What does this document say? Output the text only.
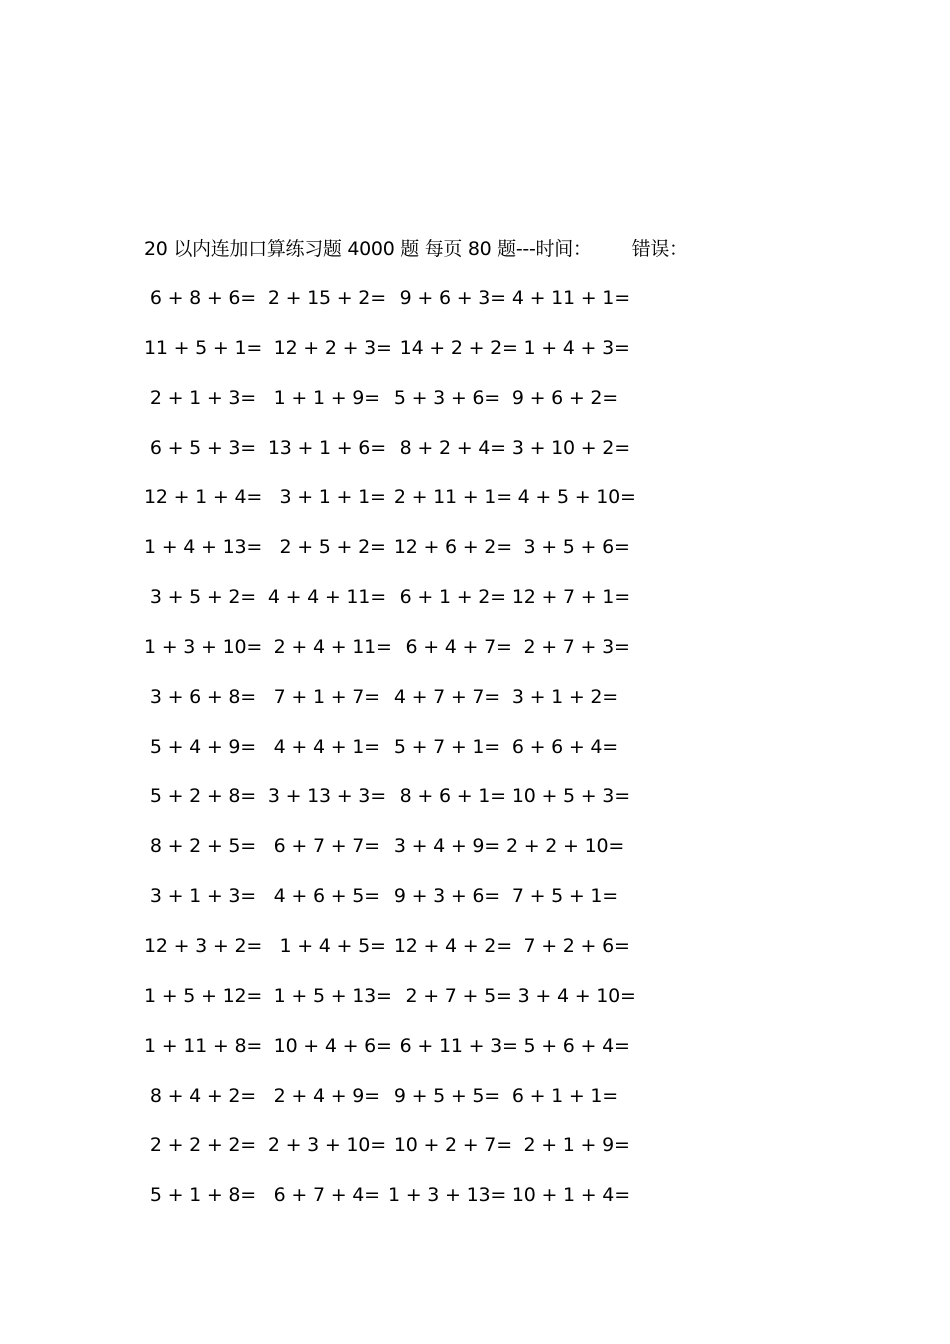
20 以内连加口算练习题 4000 题 每页 80 题---时间： 错误：
6 + 8 + 6= 2 + 15 + 2= 9 + 6 + 3= 4 + 11 + 1=
11 + 5 + 1= 12 + 2 + 3=
14 + 2 + 2=
1 + 4 + 3=
2 + 1 + 3= 1 + 1 + 9= 5 + 3 + 6= 9 + 6 + 2=
6 + 5 + 3= 13 + 1 + 6= 8 + 2 + 4= 3 + 10 + 2=
12 + 1 + 4= 3 + 1 + 1= 2 + 11 + 1=
4 + 5 + 10=
1 + 4 + 13= 2 + 5 + 2= 12 + 6 + 2=
3 + 5 + 6=
3 + 5 + 2= 4 + 4 + 11= 6 + 1 + 2= 12 + 7 + 1=
1 + 3 + 10= 2 + 4 + 11=
6 + 4 + 7=
2 + 7 + 3=
3 + 6 + 8= 7 + 1 + 7= 4 + 7 + 7= 3 + 1 + 2=
5 + 4 + 9= 4 + 4 + 1= 5 + 7 + 1= 6 + 6 + 4=
5 + 2 + 8= 3 + 13 + 3= 8 + 6 + 1= 10 + 5 + 3=
8 + 2 + 5= 6 + 7 + 7= 3 + 4 + 9= 2 + 2 + 10=
3 + 1 + 3= 4 + 6 + 5= 9 + 3 + 6= 7 + 5 + 1=
12 + 3 + 2= 1 + 4 + 5= 12 + 4 + 2=
7 + 2 + 6=
1 + 5 + 12= 1 + 5 + 13=
2 + 7 + 5=
3 + 4 + 10=
1 + 11 + 8= 10 + 4 + 6=
6 + 11 + 3=
5 + 6 + 4=
8 + 4 + 2= 2 + 4 + 9= 9 + 5 + 5= 6 + 1 + 1=
2 + 2 + 2= 2 + 3 + 10= 10 + 2 + 7=
2 + 1 + 9=
5 + 1 + 8= 6 + 7 + 4= 1 + 3 + 13= 10 + 1 + 4=
